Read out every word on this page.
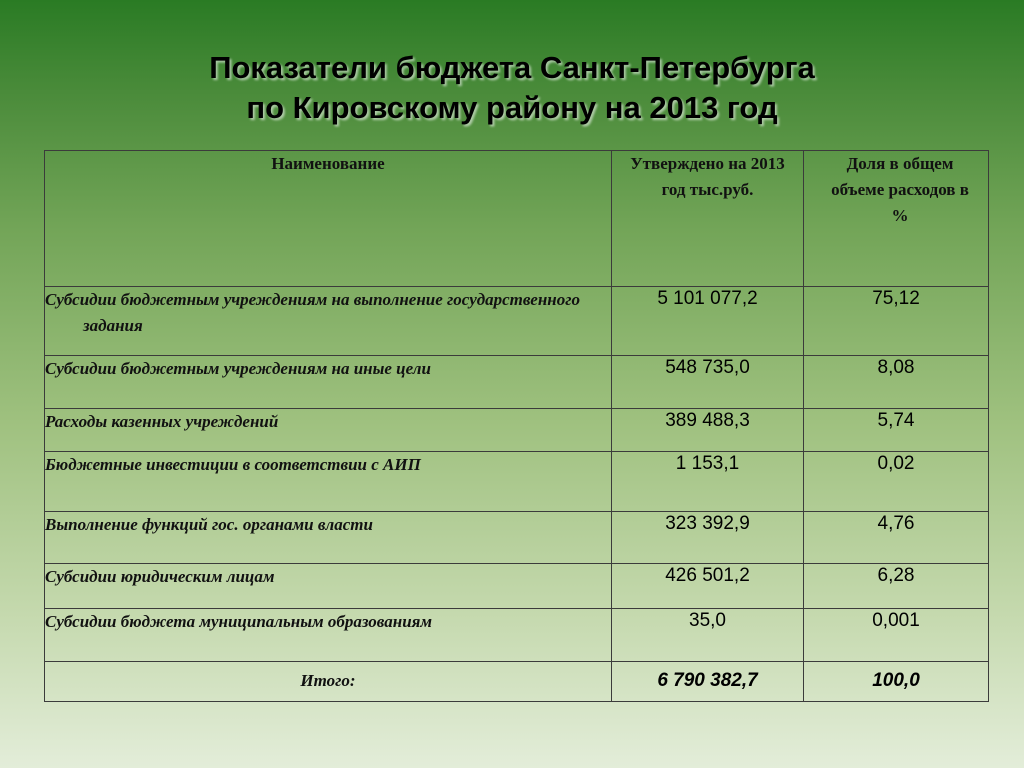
Показатели бюджета Санкт-Петербурга
по Кировскому району на 2013 год
Наименование	Утверждено на 2013 год тыс.руб.	Доля в общем объеме расходов в %

Субсидии бюджетным учреждениям на выполнение государственного задания	5 101 077,2	75,12

Субсидии бюджетным учреждениям на иные цели	548 735,0	8,08

Расходы казенных учреждений	389 488,3	5,74

Бюджетные инвестиции в соответствии с АИП	1 153,1	0,02

Выполнение функций гос. органами власти	323 392,9	4,76

Субсидии юридическим лицам	426 501,2	6,28

Субсидии бюджета муниципальным образованиям	35,0	0,001
Итого:	6 790 382,7	100,0
